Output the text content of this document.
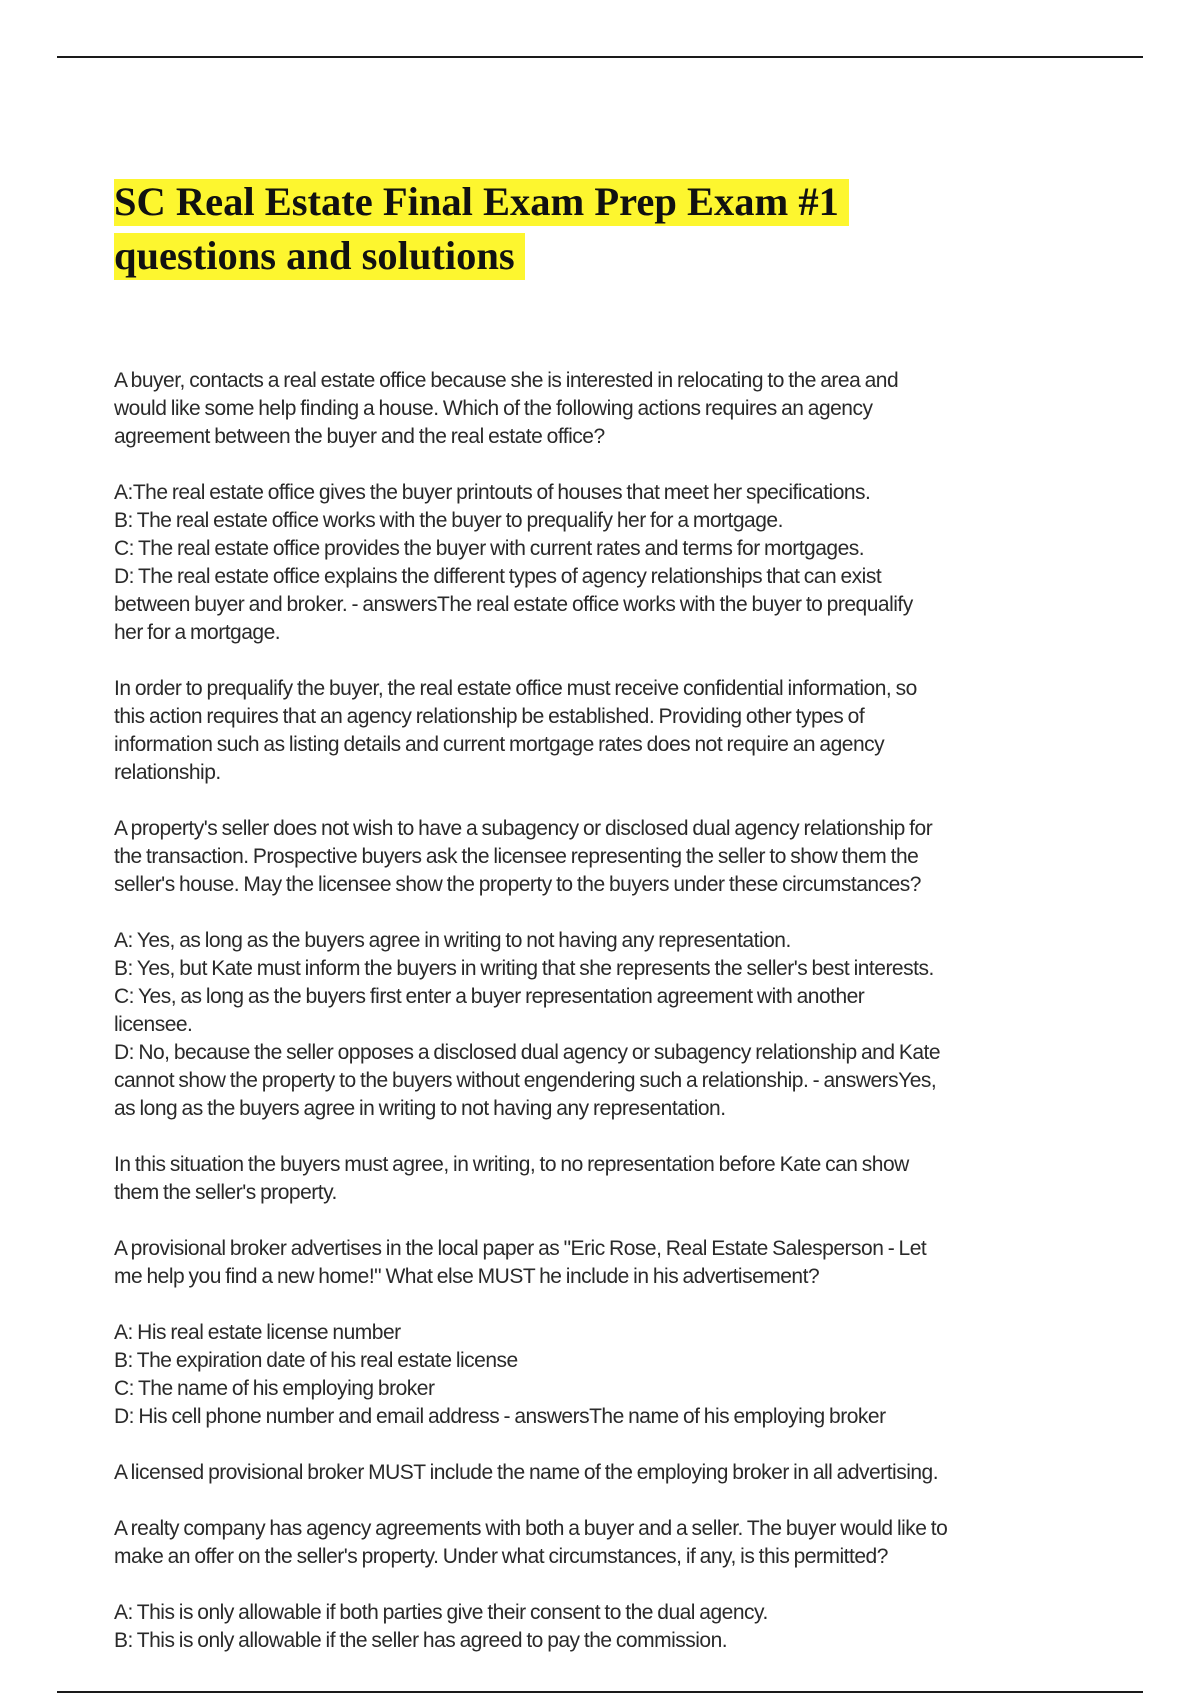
SC Real Estate Final Exam Prep Exam #1
questions and solutions
A buyer, contacts a real estate office because she is interested in relocating to the area and
would like some help finding a house. Which of the following actions requires an agency
agreement between the buyer and the real estate office?
A:The real estate office gives the buyer printouts of houses that meet her specifications.
B: The real estate office works with the buyer to prequalify her for a mortgage.
C: The real estate office provides the buyer with current rates and terms for mortgages.
D: The real estate office explains the different types of agency relationships that can exist
between buyer and broker. - answersThe real estate office works with the buyer to prequalify
her for a mortgage.
In order to prequalify the buyer, the real estate office must receive confidential information, so
this action requires that an agency relationship be established. Providing other types of
information such as listing details and current mortgage rates does not require an agency
relationship.
A property's seller does not wish to have a subagency or disclosed dual agency relationship for
the transaction. Prospective buyers ask the licensee representing the seller to show them the
seller's house. May the licensee show the property to the buyers under these circumstances?
A: Yes, as long as the buyers agree in writing to not having any representation.
B: Yes, but Kate must inform the buyers in writing that she represents the seller's best interests.
C: Yes, as long as the buyers first enter a buyer representation agreement with another
licensee.
D: No, because the seller opposes a disclosed dual agency or subagency relationship and Kate
cannot show the property to the buyers without engendering such a relationship. - answersYes,
as long as the buyers agree in writing to not having any representation.
In this situation the buyers must agree, in writing, to no representation before Kate can show
them the seller's property.
A provisional broker advertises in the local paper as "Eric Rose, Real Estate Salesperson - Let
me help you find a new home!" What else MUST he include in his advertisement?
A: His real estate license number
B: The expiration date of his real estate license
C: The name of his employing broker
D: His cell phone number and email address - answersThe name of his employing broker
A licensed provisional broker MUST include the name of the employing broker in all advertising.
A realty company has agency agreements with both a buyer and a seller. The buyer would like to
make an offer on the seller's property. Under what circumstances, if any, is this permitted?
A: This is only allowable if both parties give their consent to the dual agency.
B: This is only allowable if the seller has agreed to pay the commission.
